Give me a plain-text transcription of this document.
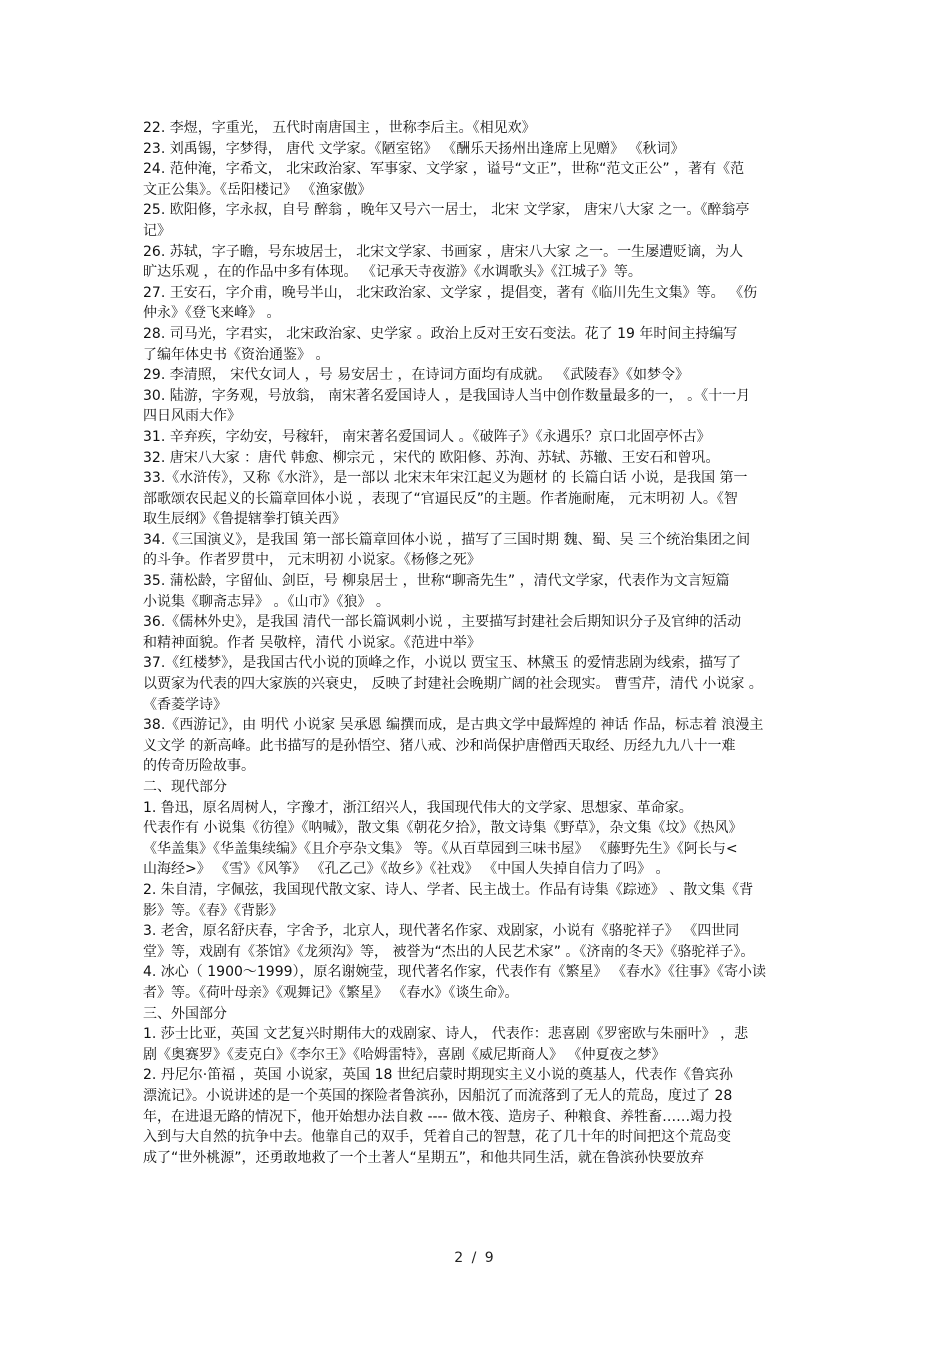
22. 李煜，字重光， 五代时南唐国主 ，世称李后主。《相见欢》
23. 刘禹锡，字梦得， 唐代 文学家。《陋室铭》 《酬乐天扬州出逢席上见赠》 《秋词》
24. 范仲淹，字希文， 北宋政治家、军事家、文学家 ，谥号“文正”，世称“范文正公” ，著有《范
文正公集》。《岳阳楼记》 《渔家傲》
25. 欧阳修，字永叔，自号 醉翁 ，晚年又号六一居士， 北宋 文学家， 唐宋八大家 之一。《醉翁亭
记》
26. 苏轼，字子瞻，号东坡居士， 北宋文学家、书画家 ，唐宋八大家 之一。一生屡遭贬谪，为人
旷达乐观 ，在的作品中多有体现。 《记承天寺夜游》《水调歌头》《江城子》等。
27. 王安石，字介甫，晚号半山， 北宋政治家、文学家 ，提倡变，著有《临川先生文集》等。 《伤
仲永》《登飞来峰》 。
28. 司马光，字君实， 北宋政治家、史学家 。政治上反对王安石变法。花了 19 年时间主持编写
了编年体史书《资治通鉴》 。
29. 李清照， 宋代女词人 ，号 易安居士 ，在诗词方面均有成就。 《武陵春》《如梦令》
30. 陆游，字务观，号放翁， 南宋著名爱国诗人 ，是我国诗人当中创作数量最多的一， 。《十一月
四日风雨大作》
31. 辛弃疾，字幼安，号稼轩， 南宋著名爱国词人 。《破阵子》《永遇乐？京口北固亭怀古》
32. 唐宋八大家 ：唐代 韩愈、柳宗元 ，宋代的 欧阳修、苏洵、苏轼、苏辙、王安石和曾巩。
33.《水浒传》，又称《水浒》，是一部以 北宋末年宋江起义为题材 的 长篇白话 小说，是我国 第一
部歌颂农民起义的长篇章回体小说 ，表现了“官逼民反”的主题。作者施耐庵， 元末明初 人。《智
取生辰纲》《鲁提辖拳打镇关西》
34.《三国演义》，是我国 第一部长篇章回体小说 ，描写了三国时期 魏、蜀、吴 三个统治集团之间
的斗争。作者罗贯中， 元末明初 小说家。《杨修之死》
35. 蒲松龄，字留仙、剑臣，号 柳泉居士 ，世称“聊斋先生” ，清代文学家，代表作为文言短篇
小说集《聊斋志异》 。《山市》《狼》 。
36.《儒林外史》，是我国 清代一部长篇讽刺小说 ，主要描写封建社会后期知识分子及官绅的活动
和精神面貌。作者 吴敬梓，清代 小说家。《范进中举》
37.《红楼梦》，是我国古代小说的顶峰之作，小说以 贾宝玉、林黛玉 的爱情悲剧为线索，描写了
以贾家为代表的四大家族的兴衰史， 反映了封建社会晚期广阔的社会现实。 曹雪芹，清代 小说家 。
《香菱学诗》
38.《西游记》，由 明代 小说家 吴承恩 编撰而成，是古典文学中最辉煌的 神话 作品，标志着 浪漫主
义文学 的新高峰。此书描写的是孙悟空、猪八戒、沙和尚保护唐僧西天取经、历经九九八十一难
的传奇历险故事。
二、现代部分
1. 鲁迅，原名周树人，字豫才，浙江绍兴人，我国现代伟大的文学家、思想家、革命家。
代表作有 小说集《彷徨》《呐喊》，散文集《朝花夕拾》，散文诗集《野草》，杂文集《坟》《热风》
《华盖集》《华盖集续编》《且介亭杂文集》 等。《从百草园到三味书屋》 《藤野先生》《阿长与<
山海经>》 《雪》《风筝》 《孔乙己》《故乡》《社戏》 《中国人失掉自信力了吗》 。
2. 朱自清，字佩弦，我国现代散文家、诗人、学者、民主战士。作品有诗集《踪迹》 、散文集《背
影》等。《春》《背影》
3. 老舍，原名舒庆春，字舍予，北京人，现代著名作家、戏剧家，小说有《骆驼祥子》 《四世同
堂》等，戏剧有《茶馆》《龙须沟》等， 被誉为“杰出的人民艺术家” 。《济南的冬天》《骆驼祥子》。
4. 冰心（ 1900～1999），原名谢婉莹，现代著名作家，代表作有《繁星》 《春水》《往事》《寄小读
者》等。《荷叶母亲》《观舞记》《繁星》 《春水》《谈生命》。
三、外国部分
1. 莎士比亚，英国 文艺复兴时期伟大的戏剧家、诗人， 代表作：悲喜剧《罗密欧与朱丽叶》 ，悲
剧《奥赛罗》《麦克白》《李尔王》《哈姆雷特》，喜剧《威尼斯商人》 《仲夏夜之梦》
2. 丹尼尔·笛福 ，英国 小说家，英国 18 世纪启蒙时期现实主义小说的奠基人，代表作《鲁宾孙
漂流记》。小说讲述的是一个英国的探险者鲁滨孙，因船沉了而流落到了无人的荒岛，度过了 28
年，在进退无路的情况下，他开始想办法自救 ---- 做木筏、造房子、种粮食、养牲畜……竭力投
入到与大自然的抗争中去。他靠自己的双手，凭着自己的智慧，花了几十年的时间把这个荒岛变
成了“世外桃源”，还勇敢地救了一个土著人“星期五”，和他共同生活，就在鲁滨孙快要放弃
2 / 9
